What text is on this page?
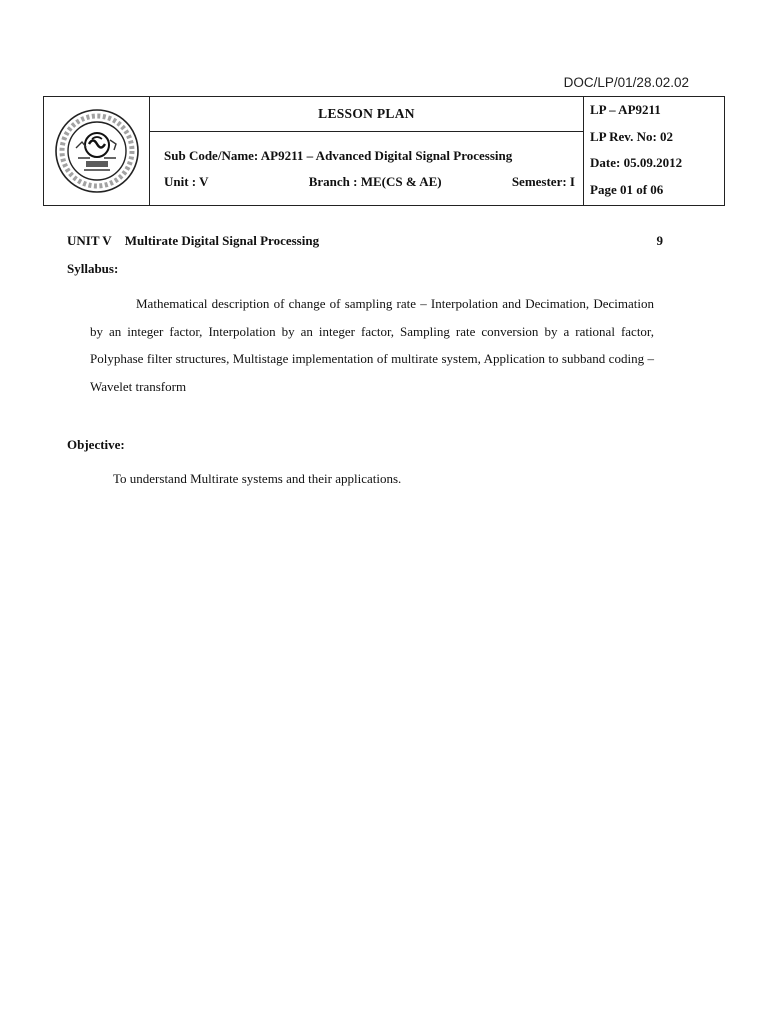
DOC/LP/01/28.02.02
	LESSON PLAN	LP – AP9211
LP Rev. No: 02
Date: 05.09.2012
Page 01 of 06

Sub Code/Name: AP9211 – Advanced Digital Signal Processing
Unit : V	Branch : ME(CS & AE)	Semester: I
UNIT V Multirate Digital Signal Processing	9
Syllabus:
Mathematical description of change of sampling rate – Interpolation and Decimation, Decimation by an integer factor, Interpolation by an integer factor, Sampling rate conversion by a rational factor, Polyphase filter structures, Multistage implementation of multirate system, Application to subband coding – Wavelet transform
Objective:
To understand Multirate systems and their applications.
